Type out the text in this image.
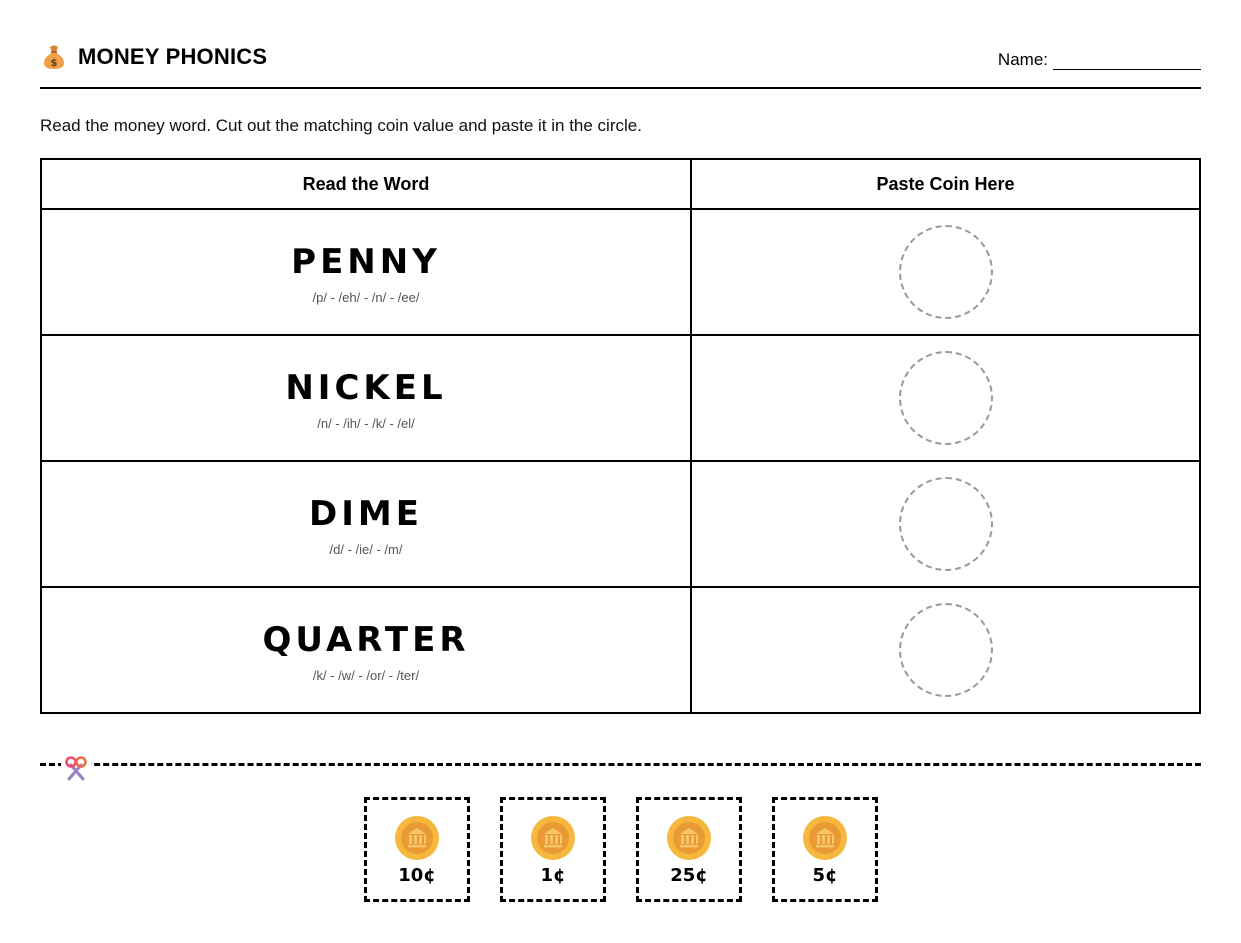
$ MONEY PHONICS	Name:
Read the money word. Cut out the matching coin value and paste it in the circle.
Read the Word	Paste Coin Here

PENNY
/p/ - /eh/ - /n/ - /ee/	

NICKEL
/n/ - /ih/ - /k/ - /el/	

DIME
/d/ - /ie/ - /m/	

QUARTER
/k/ - /w/ - /or/ - /ter/	

10¢	1¢	25¢	5¢
